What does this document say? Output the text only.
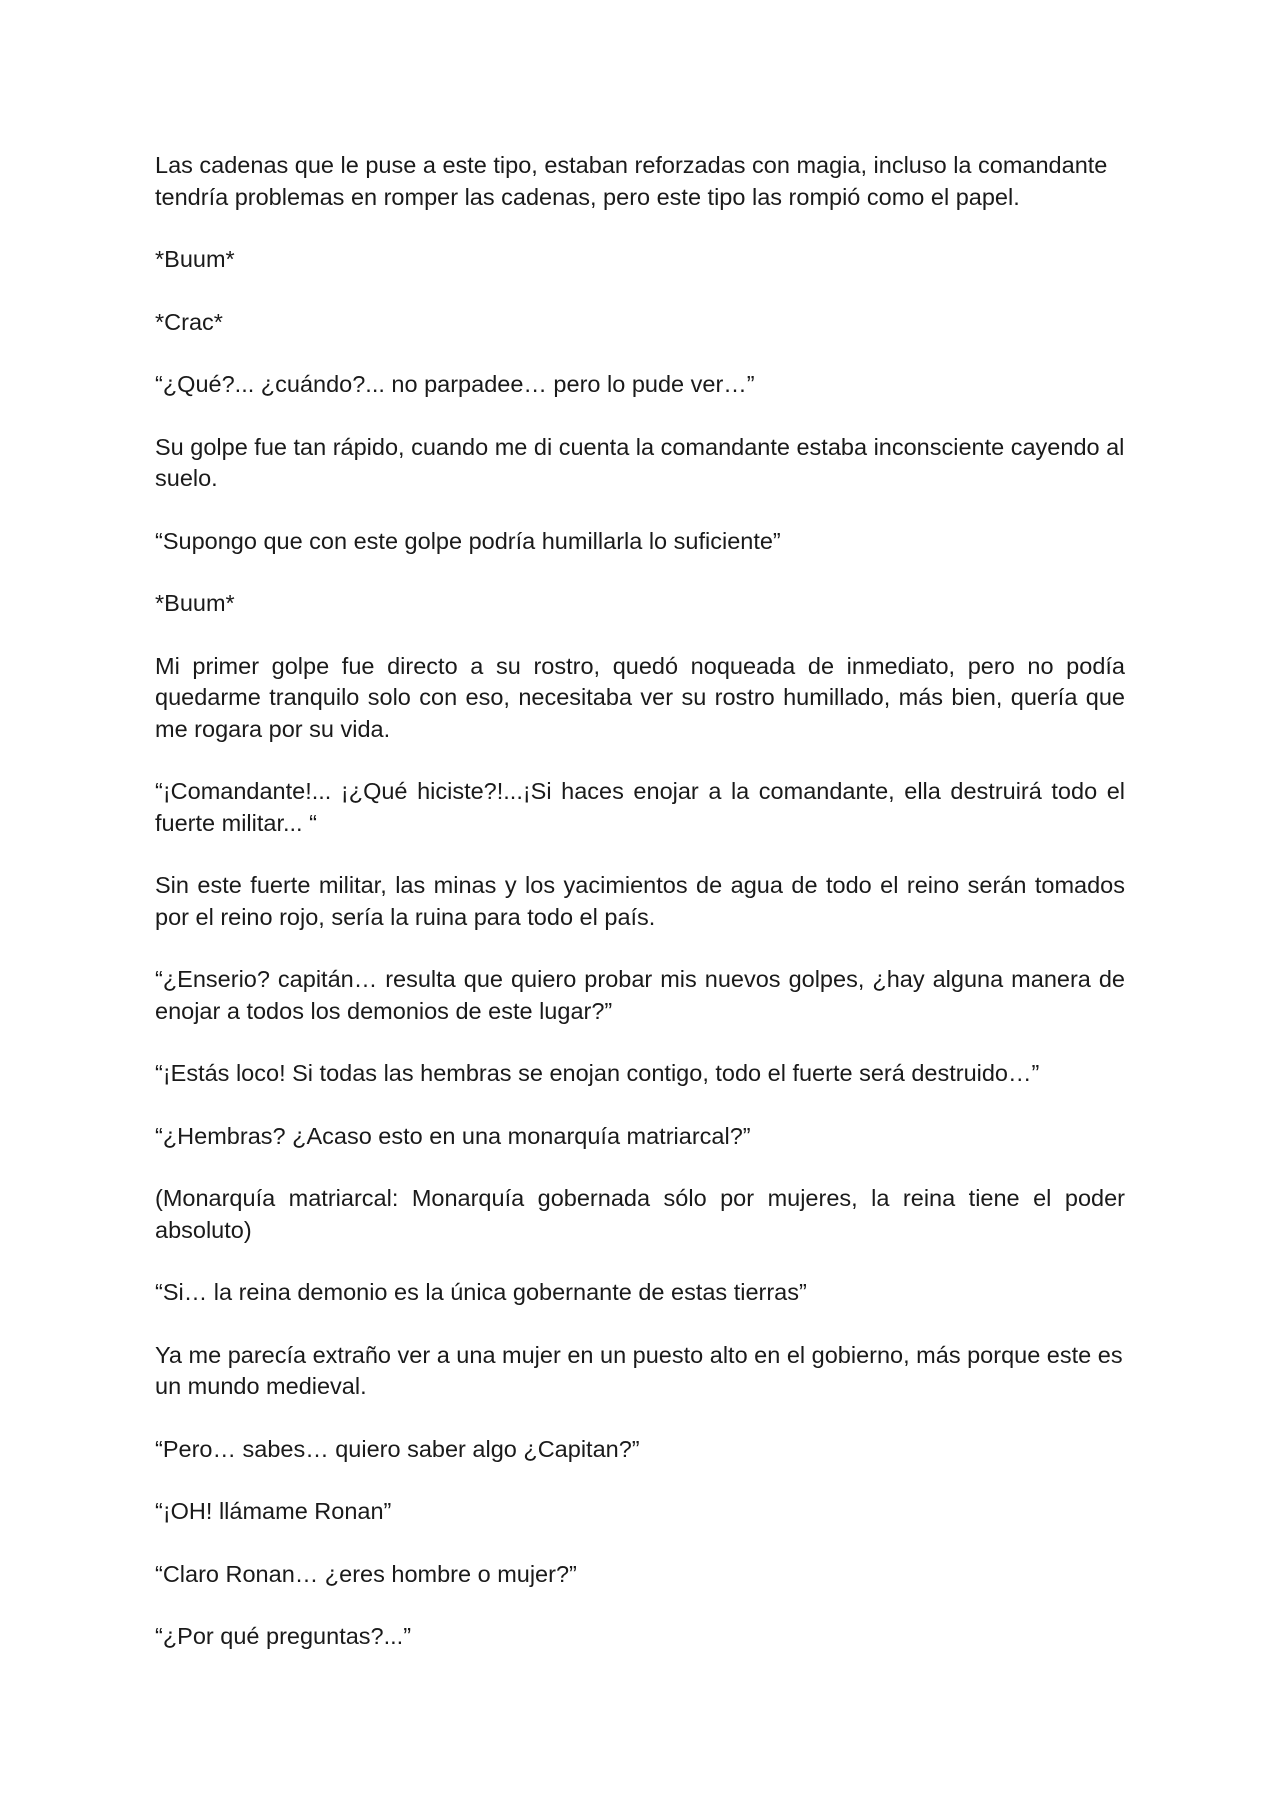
Las cadenas que le puse a este tipo, estaban reforzadas con magia, incluso la comandante tendría problemas en romper las cadenas, pero este tipo las rompió como el papel.

*Buum*

*Crac*

“¿Qué?... ¿cuándo?... no parpadee… pero lo pude ver…”

Su golpe fue tan rápido, cuando me di cuenta la comandante estaba inconsciente cayendo al suelo.

“Supongo que con este golpe podría humillarla lo suficiente”

*Buum*

Mi primer golpe fue directo a su rostro, quedó noqueada de inmediato, pero no podía quedarme tranquilo solo con eso, necesitaba ver su rostro humillado, más bien, quería que me rogara por su vida.

“¡Comandante!... ¡¿Qué hiciste?!...¡Si haces enojar a la comandante, ella destruirá todo el fuerte militar... “

Sin este fuerte militar, las minas y los yacimientos de agua de todo el reino serán tomados por el reino rojo, sería la ruina para todo el país.

“¿Enserio? capitán… resulta que quiero probar mis nuevos golpes, ¿hay alguna manera de enojar a todos los demonios de este lugar?”

“¡Estás loco! Si todas las hembras se enojan contigo, todo el fuerte será destruido…”

“¿Hembras? ¿Acaso esto en una monarquía matriarcal?”

(Monarquía matriarcal: Monarquía gobernada sólo por mujeres, la reina tiene el poder absoluto)

“Si… la reina demonio es la única gobernante de estas tierras”

Ya me parecía extraño ver a una mujer en un puesto alto en el gobierno, más porque este es un mundo medieval.

“Pero… sabes… quiero saber algo ¿Capitan?”

“¡OH! llámame Ronan”

“Claro Ronan… ¿eres hombre o mujer?”

“¿Por qué preguntas?...”
